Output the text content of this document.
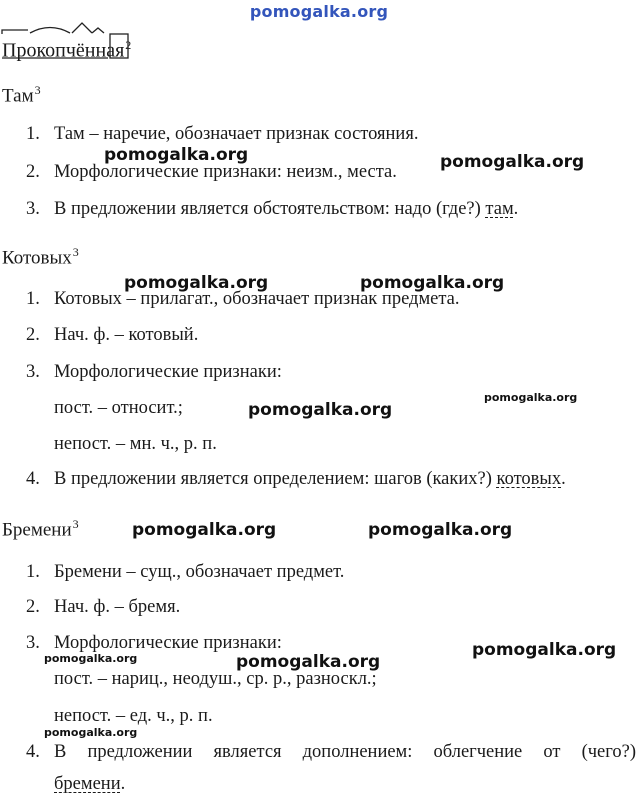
pomogalka.org
Прокопчённая$^2$
Там$^3$
1. Там – наречие, обозначает признак состояния.
2. Морфологические признаки: неизм., места.
3. В предложении является обстоятельством: надо (где?) там.
Котовых$^3$
1. Котовых – прилагат., обозначает признак предмета.
2. Нач. ф. – котовый.
3. Морфологические признаки:
пост. – относит.;
непост. – мн. ч., р. п.
4. В предложении является определением: шагов (каких?) котовых.
Бремени$^3$
1. Бремени – сущ., обозначает предмет.
2. Нач. ф. – бремя.
3. Морфологические признаки:
пост. – нариц., неодуш., ср. р., разноскл.;
непост. – ед. ч., р. п.
4. В предложении является дополнением: облегчение от (чего?)
бремени.
pomogalka.org	pomogalka.org
pomogalka.org	pomogalka.org
pomogalka.org
pomogalka.org
pomogalka.org	pomogalka.org
pomogalka.org	pomogalka.org
pomogalka.org
pomogalka.org
